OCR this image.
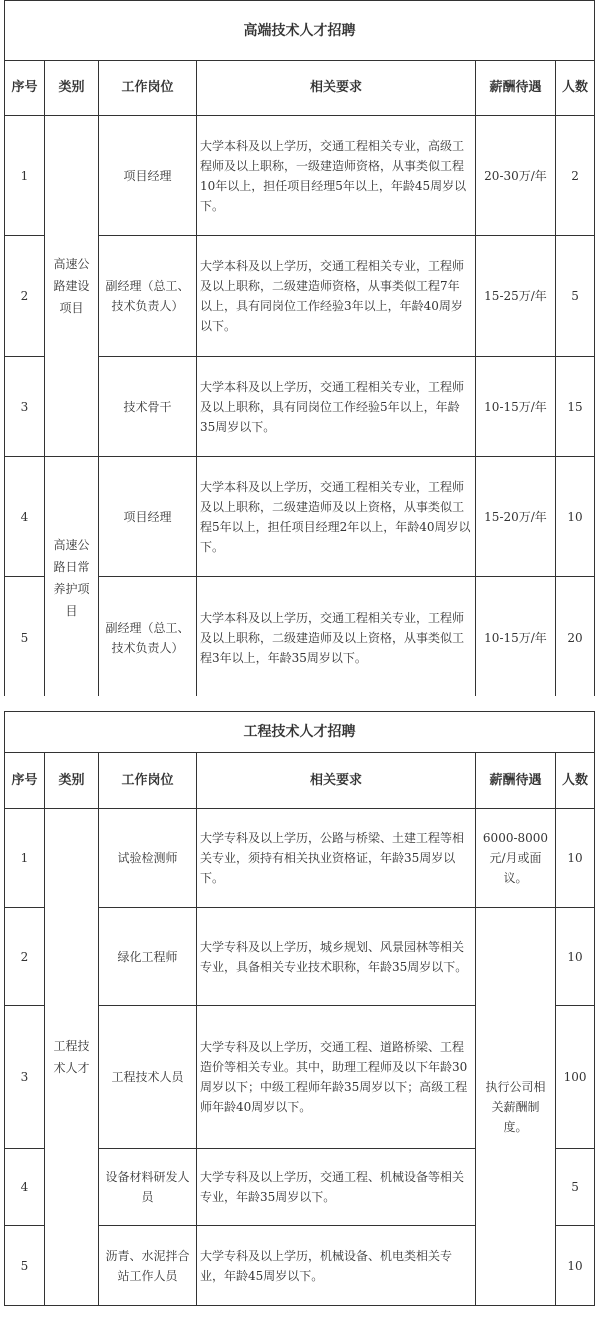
高端技术人才招聘					
序号	类别	工作岗位	相关要求	薪酬待遇	人数
1	高速公路建设项目	项目经理	大学本科及以上学历，交通工程相关专业，高级工程师及以上职称，一级建造师资格，从事类似工程10年以上，担任项目经理5年以上，年龄45周岁以下。	20-30万/年	2
2		副经理（总工、技术负责人）	大学本科及以上学历，交通工程相关专业，工程师及以上职称，二级建造师资格，从事类似工程7年以上，具有同岗位工作经验3年以上，年龄40周岁以下。	15-25万/年	5
3		技术骨干	大学本科及以上学历，交通工程相关专业，工程师及以上职称，具有同岗位工作经验5年以上，年龄35周岁以下。	10-15万/年	15
4	高速公路日常养护项目	项目经理	大学本科及以上学历，交通工程相关专业，工程师及以上职称，二级建造师及以上资格，从事类似工程5年以上，担任项目经理2年以上，年龄40周岁以下。	15-20万/年	10
5		副经理（总工、技术负责人）	大学本科及以上学历，交通工程相关专业，工程师及以上职称，二级建造师及以上资格，从事类似工程3年以上，年龄35周岁以下。	10-15万/年	20
工程技术人才招聘					
序号	类别	工作岗位	相关要求	薪酬待遇	人数
1	工程技术人才	试验检测师	大学专科及以上学历，公路与桥梁、土建工程等相关专业，须持有相关执业资格证，年龄35周岁以下。	6000-8000元/月或面议。	10
2		绿化工程师	大学专科及以上学历，城乡规划、风景园林等相关专业，具备相关专业技术职称，年龄35周岁以下。	执行公司相关薪酬制度。	10
3		工程技术人员	大学专科及以上学历，交通工程、道路桥梁、工程造价等相关专业。其中，助理工程师及以下年龄30周岁以下；中级工程师年龄35周岁以下；高级工程师年龄40周岁以下。		100
4		设备材料研发人员	大学专科及以上学历，交通工程、机械设备等相关专业，年龄35周岁以下。		5
5		沥青、水泥拌合站工作人员	大学专科及以上学历，机械设备、机电类相关专业，年龄45周岁以下。		10
